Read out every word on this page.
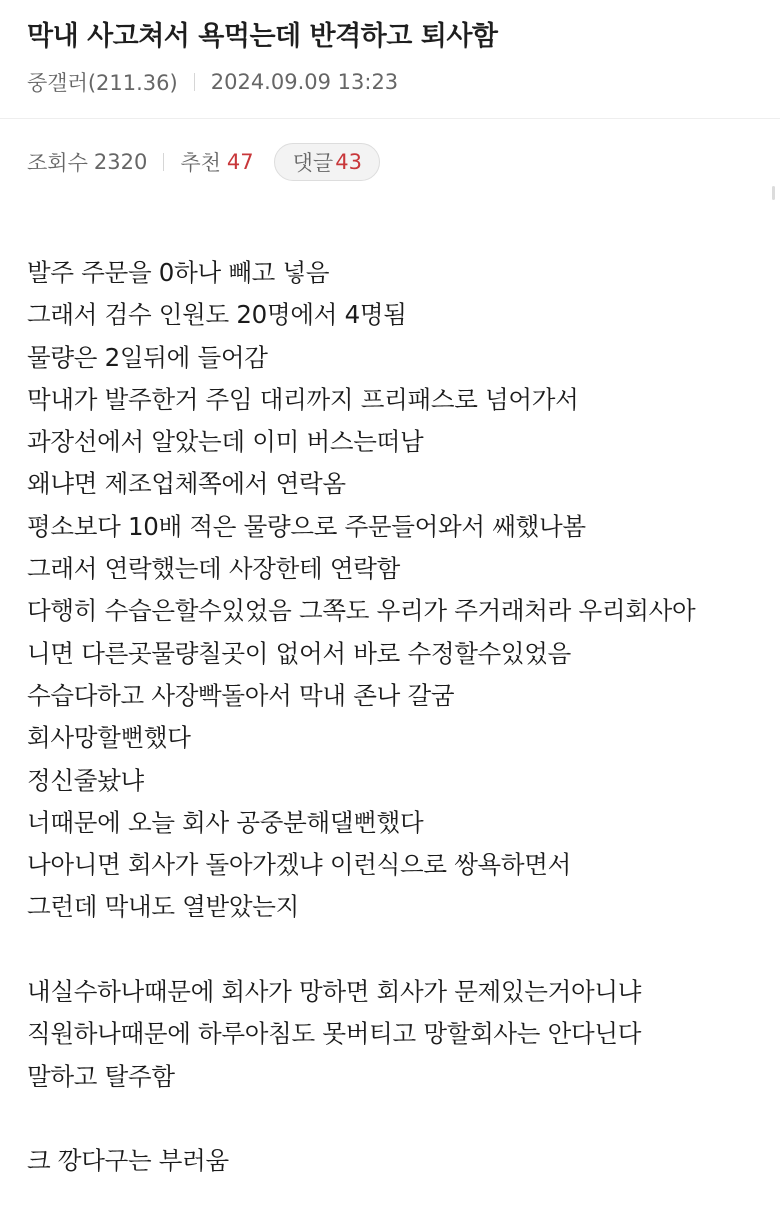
막내 사고쳐서 욕먹는데 반격하고 퇴사함
중갤러(211.36) 2024.09.09 13:23
조회수 2320 추천 47 댓글 43
발주 주문을 0하나 빼고 넣음
그래서 검수 인원도 20명에서 4명됨
물량은 2일뒤에 들어감
막내가 발주한거 주임 대리까지 프리패스로 넘어가서
과장선에서 알았는데 이미 버스는떠남
왜냐면 제조업체쪽에서 연락옴
평소보다 10배 적은 물량으로 주문들어와서 쌔했나봄
그래서 연락했는데 사장한테 연락함
다행히 수습은할수있었음 그쪽도 우리가 주거래처라 우리회사아
니면 다른곳물량칠곳이 없어서 바로 수정할수있었음
수습다하고 사장빡돌아서 막내 존나 갈굼
회사망할뻔했다
정신줄놨냐
너때문에 오늘 회사 공중분해댈뻔했다
나아니면 회사가 돌아가겠냐 이런식으로 쌍욕하면서
그런데 막내도 열받았는지
내실수하나때문에 회사가 망하면 회사가 문제있는거아니냐
직원하나때문에 하루아침도 못버티고 망할회사는 안다닌다
말하고 탈주함
크 깡다구는 부러움
